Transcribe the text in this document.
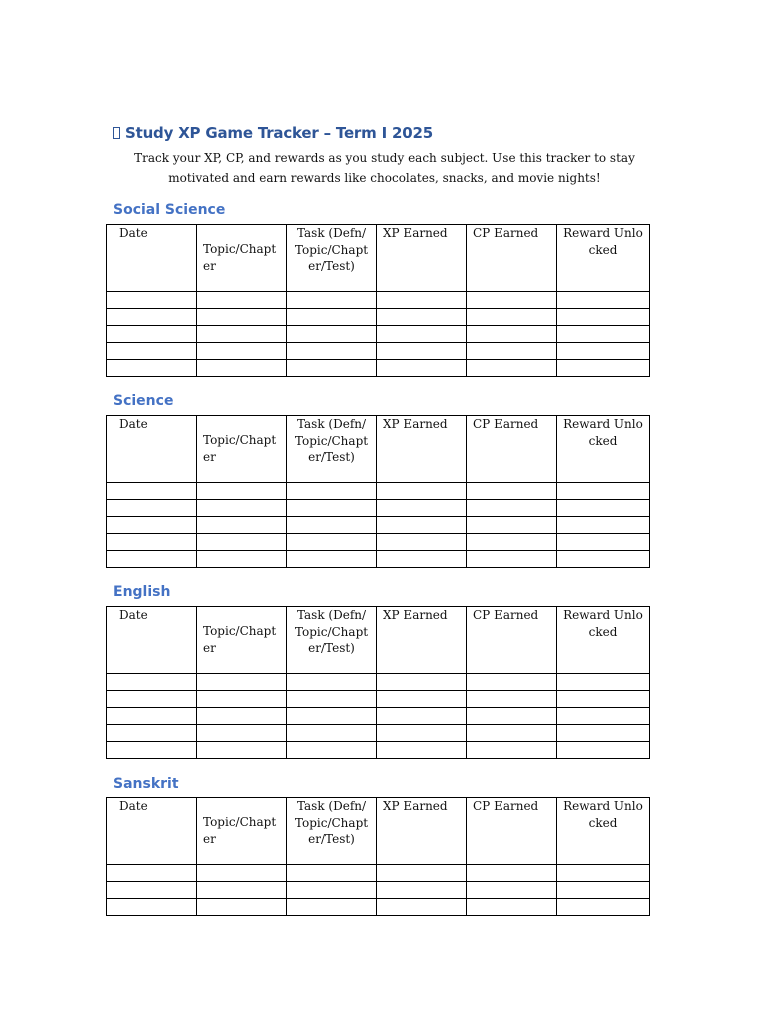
Study XP Game Tracker – Term I 2025
Track your XP, CP, and rewards as you study each subject. Use this tracker to stay motivated and earn rewards like chocolates, snacks, and movie nights!
Social Science
Date	Topic/Chapter	Task (Defn/Topic/Chapter/Test)	XP Earned	CP Earned	Reward Unlocked

Science
Date	Topic/Chapter	Task (Defn/Topic/Chapter/Test)	XP Earned	CP Earned	Reward Unlocked

English
Date	Topic/Chapter	Task (Defn/Topic/Chapter/Test)	XP Earned	CP Earned	Reward Unlocked

Sanskrit
Date	Topic/Chapter	Task (Defn/Topic/Chapter/Test)	XP Earned	CP Earned	Reward Unlocked
